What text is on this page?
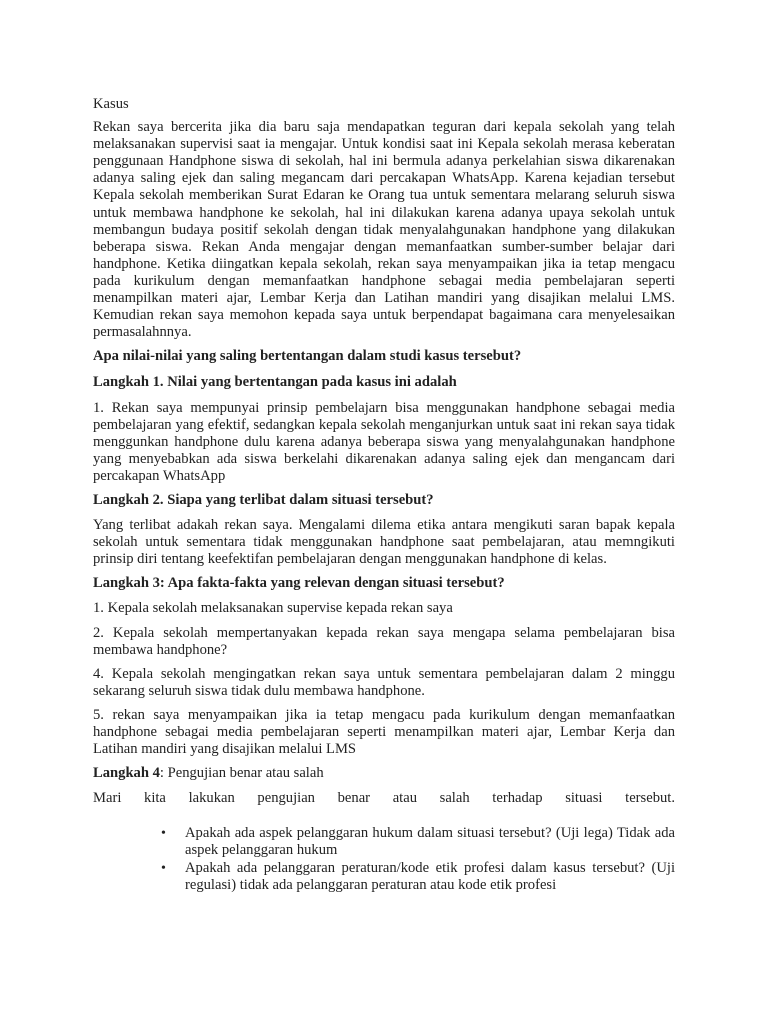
Kasus

Rekan saya bercerita jika dia baru saja mendapatkan teguran dari kepala sekolah yang telah melaksanakan supervisi saat ia mengajar. Untuk kondisi saat ini Kepala sekolah merasa keberatan penggunaan Handphone siswa di sekolah, hal ini bermula adanya perkelahian siswa dikarenakan adanya saling ejek dan saling megancam dari percakapan WhatsApp. Karena kejadian tersebut Kepala sekolah memberikan Surat Edaran ke Orang tua untuk sementara melarang seluruh siswa untuk membawa handphone ke sekolah, hal ini dilakukan karena adanya upaya sekolah untuk membangun budaya positif sekolah dengan tidak menyalahgunakan handphone yang dilakukan beberapa siswa. Rekan Anda mengajar dengan memanfaatkan sumber-sumber belajar dari handphone. Ketika diingatkan kepala sekolah, rekan saya menyampaikan jika ia tetap mengacu pada kurikulum dengan memanfaatkan handphone sebagai media pembelajaran seperti menampilkan materi ajar, Lembar Kerja dan Latihan mandiri yang disajikan melalui LMS. Kemudian rekan saya memohon kepada saya untuk berpendapat bagaimana cara menyelesaikan permasalahnnya.

Apa nilai-nilai yang saling bertentangan dalam studi kasus tersebut?

Langkah 1. Nilai yang bertentangan pada kasus ini adalah

1. Rekan saya mempunyai prinsip pembelajarn bisa menggunakan handphone sebagai media pembelajaran yang efektif, sedangkan kepala sekolah menganjurkan untuk saat ini rekan saya tidak menggunkan handphone dulu karena adanya beberapa siswa yang menyalahgunakan handphone yang menyebabkan ada siswa berkelahi dikarenakan adanya saling ejek dan mengancam dari percakapan WhatsApp

Langkah 2. Siapa yang terlibat dalam situasi tersebut?

Yang terlibat adakah rekan saya. Mengalami dilema etika antara mengikuti saran bapak kepala sekolah untuk sementara tidak menggunakan handphone saat pembelajaran, atau memngikuti prinsip diri tentang keefektifan pembelajaran dengan menggunakan handphone di kelas.

Langkah 3: Apa fakta-fakta yang relevan dengan situasi tersebut?

1. Kepala sekolah melaksanakan supervise kepada rekan saya

2. Kepala sekolah mempertanyakan kepada rekan saya mengapa selama pembelajaran bisa membawa handphone?

4. Kepala sekolah mengingatkan rekan saya untuk sementara pembelajaran dalam 2 minggu sekarang seluruh siswa tidak dulu membawa handphone.

5. rekan saya menyampaikan jika ia tetap mengacu pada kurikulum dengan memanfaatkan handphone sebagai media pembelajaran seperti menampilkan materi ajar, Lembar Kerja dan Latihan mandiri yang disajikan melalui LMS

Langkah 4: Pengujian benar atau salah

Mari kita lakukan pengujian benar atau salah terhadap situasi tersebut.

• Apakah ada aspek pelanggaran hukum dalam situasi tersebut? (Uji lega) Tidak ada aspek pelanggaran hukum
• Apakah ada pelanggaran peraturan/kode etik profesi dalam kasus tersebut? (Uji regulasi) tidak ada pelanggaran peraturan atau kode etik profesi
